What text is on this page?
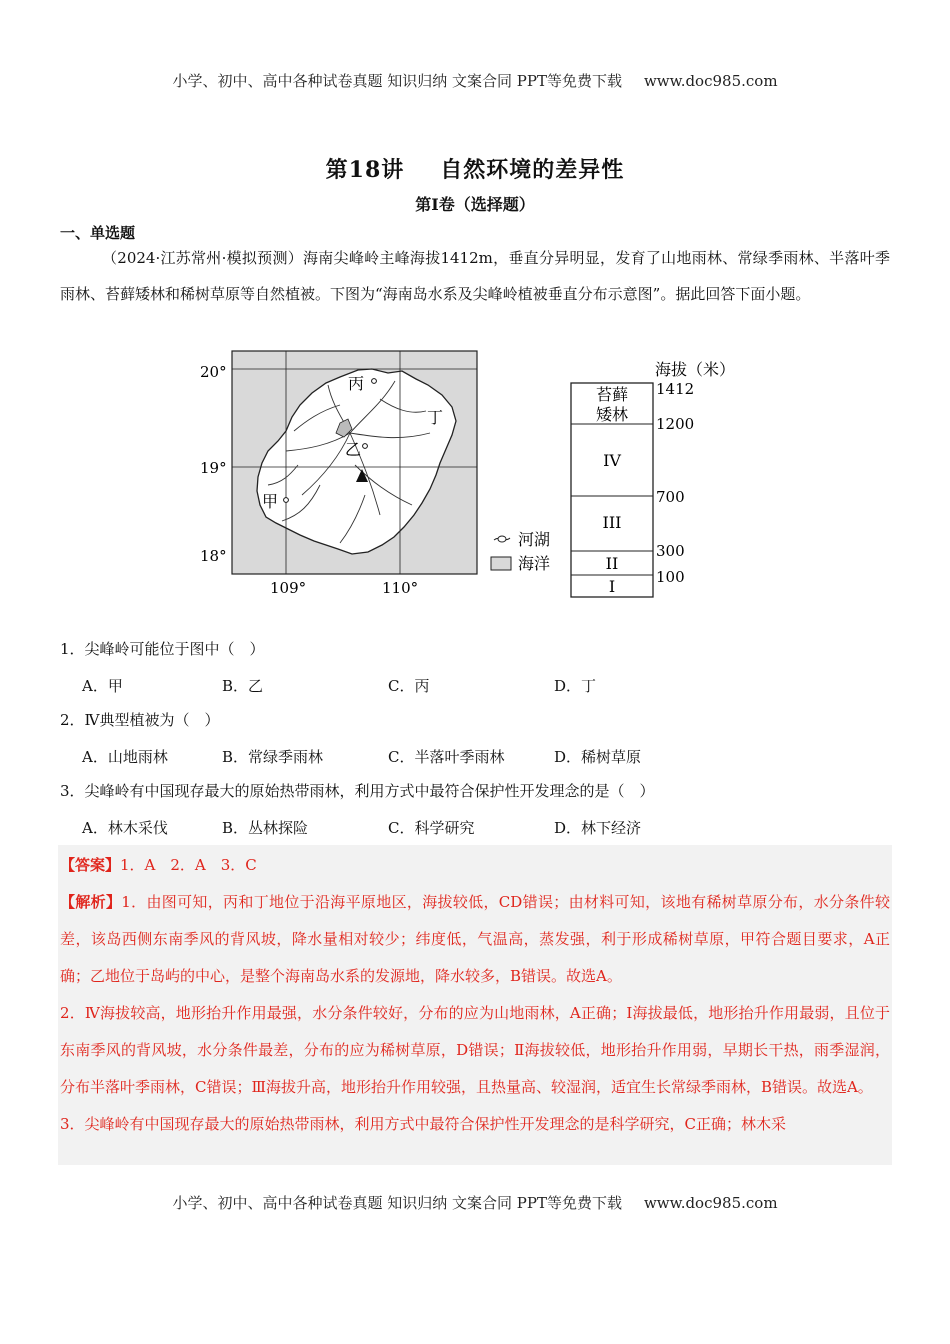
小学、初中、高中各种试卷真题 知识归纳 文案合同 PPT等免费下载 www.doc985.com
第18讲 自然环境的差异性
第I卷（选择题）
一、单选题
（2024·江苏常州·模拟预测）海南尖峰岭主峰海拔1412m，垂直分异明显，发育了山地雨林、常绿季雨林、半落叶季雨林、苔藓矮林和稀树草原等自然植被。下图为“海南岛水系及尖峰岭植被垂直分布示意图”。据此回答下面小题。
丙
丁
乙
甲
20°
19°
18°
109°	110°
河湖
海洋
海拔（米）
苔藓
矮林
IV
III
II
I
1412
1200
700
300
100
1．尖峰岭可能位于图中（　）
A．甲	B．乙	C．丙	D．丁
2．Ⅳ典型植被为（　）
A．山地雨林	B．常绿季雨林	C．半落叶季雨林	D．稀树草原
3．尖峰岭有中国现存最大的原始热带雨林，利用方式中最符合保护性开发理念的是（　）
A．林木采伐	B．丛林探险	C．科学研究	D．林下经济
【答案】1．A　2．A　3．C
【解析】1．由图可知，丙和丁地位于沿海平原地区，海拔较低，CD错误；由材料可知，该地有稀树草原分布，水分条件较差，该岛西侧东南季风的背风坡，降水量相对较少；纬度低，气温高，蒸发强，利于形成稀树草原，甲符合题目要求，A正确；乙地位于岛屿的中心，是整个海南岛水系的发源地，降水较多，B错误。故选A。
2．Ⅳ海拔较高，地形抬升作用最强，水分条件较好，分布的应为山地雨林，A正确；Ⅰ海拔最低，地形抬升作用最弱，且位于东南季风的背风坡，水分条件最差，分布的应为稀树草原，D错误；Ⅱ海拔较低，地形抬升作用弱，早期长干热，雨季湿润，分布半落叶季雨林，C错误；Ⅲ海拔升高，地形抬升作用较强，且热量高、较湿润，适宜生长常绿季雨林，B错误。故选A。
3．尖峰岭有中国现存最大的原始热带雨林，利用方式中最符合保护性开发理念的是科学研究，C正确；林木采
小学、初中、高中各种试卷真题 知识归纳 文案合同 PPT等免费下载 www.doc985.com
